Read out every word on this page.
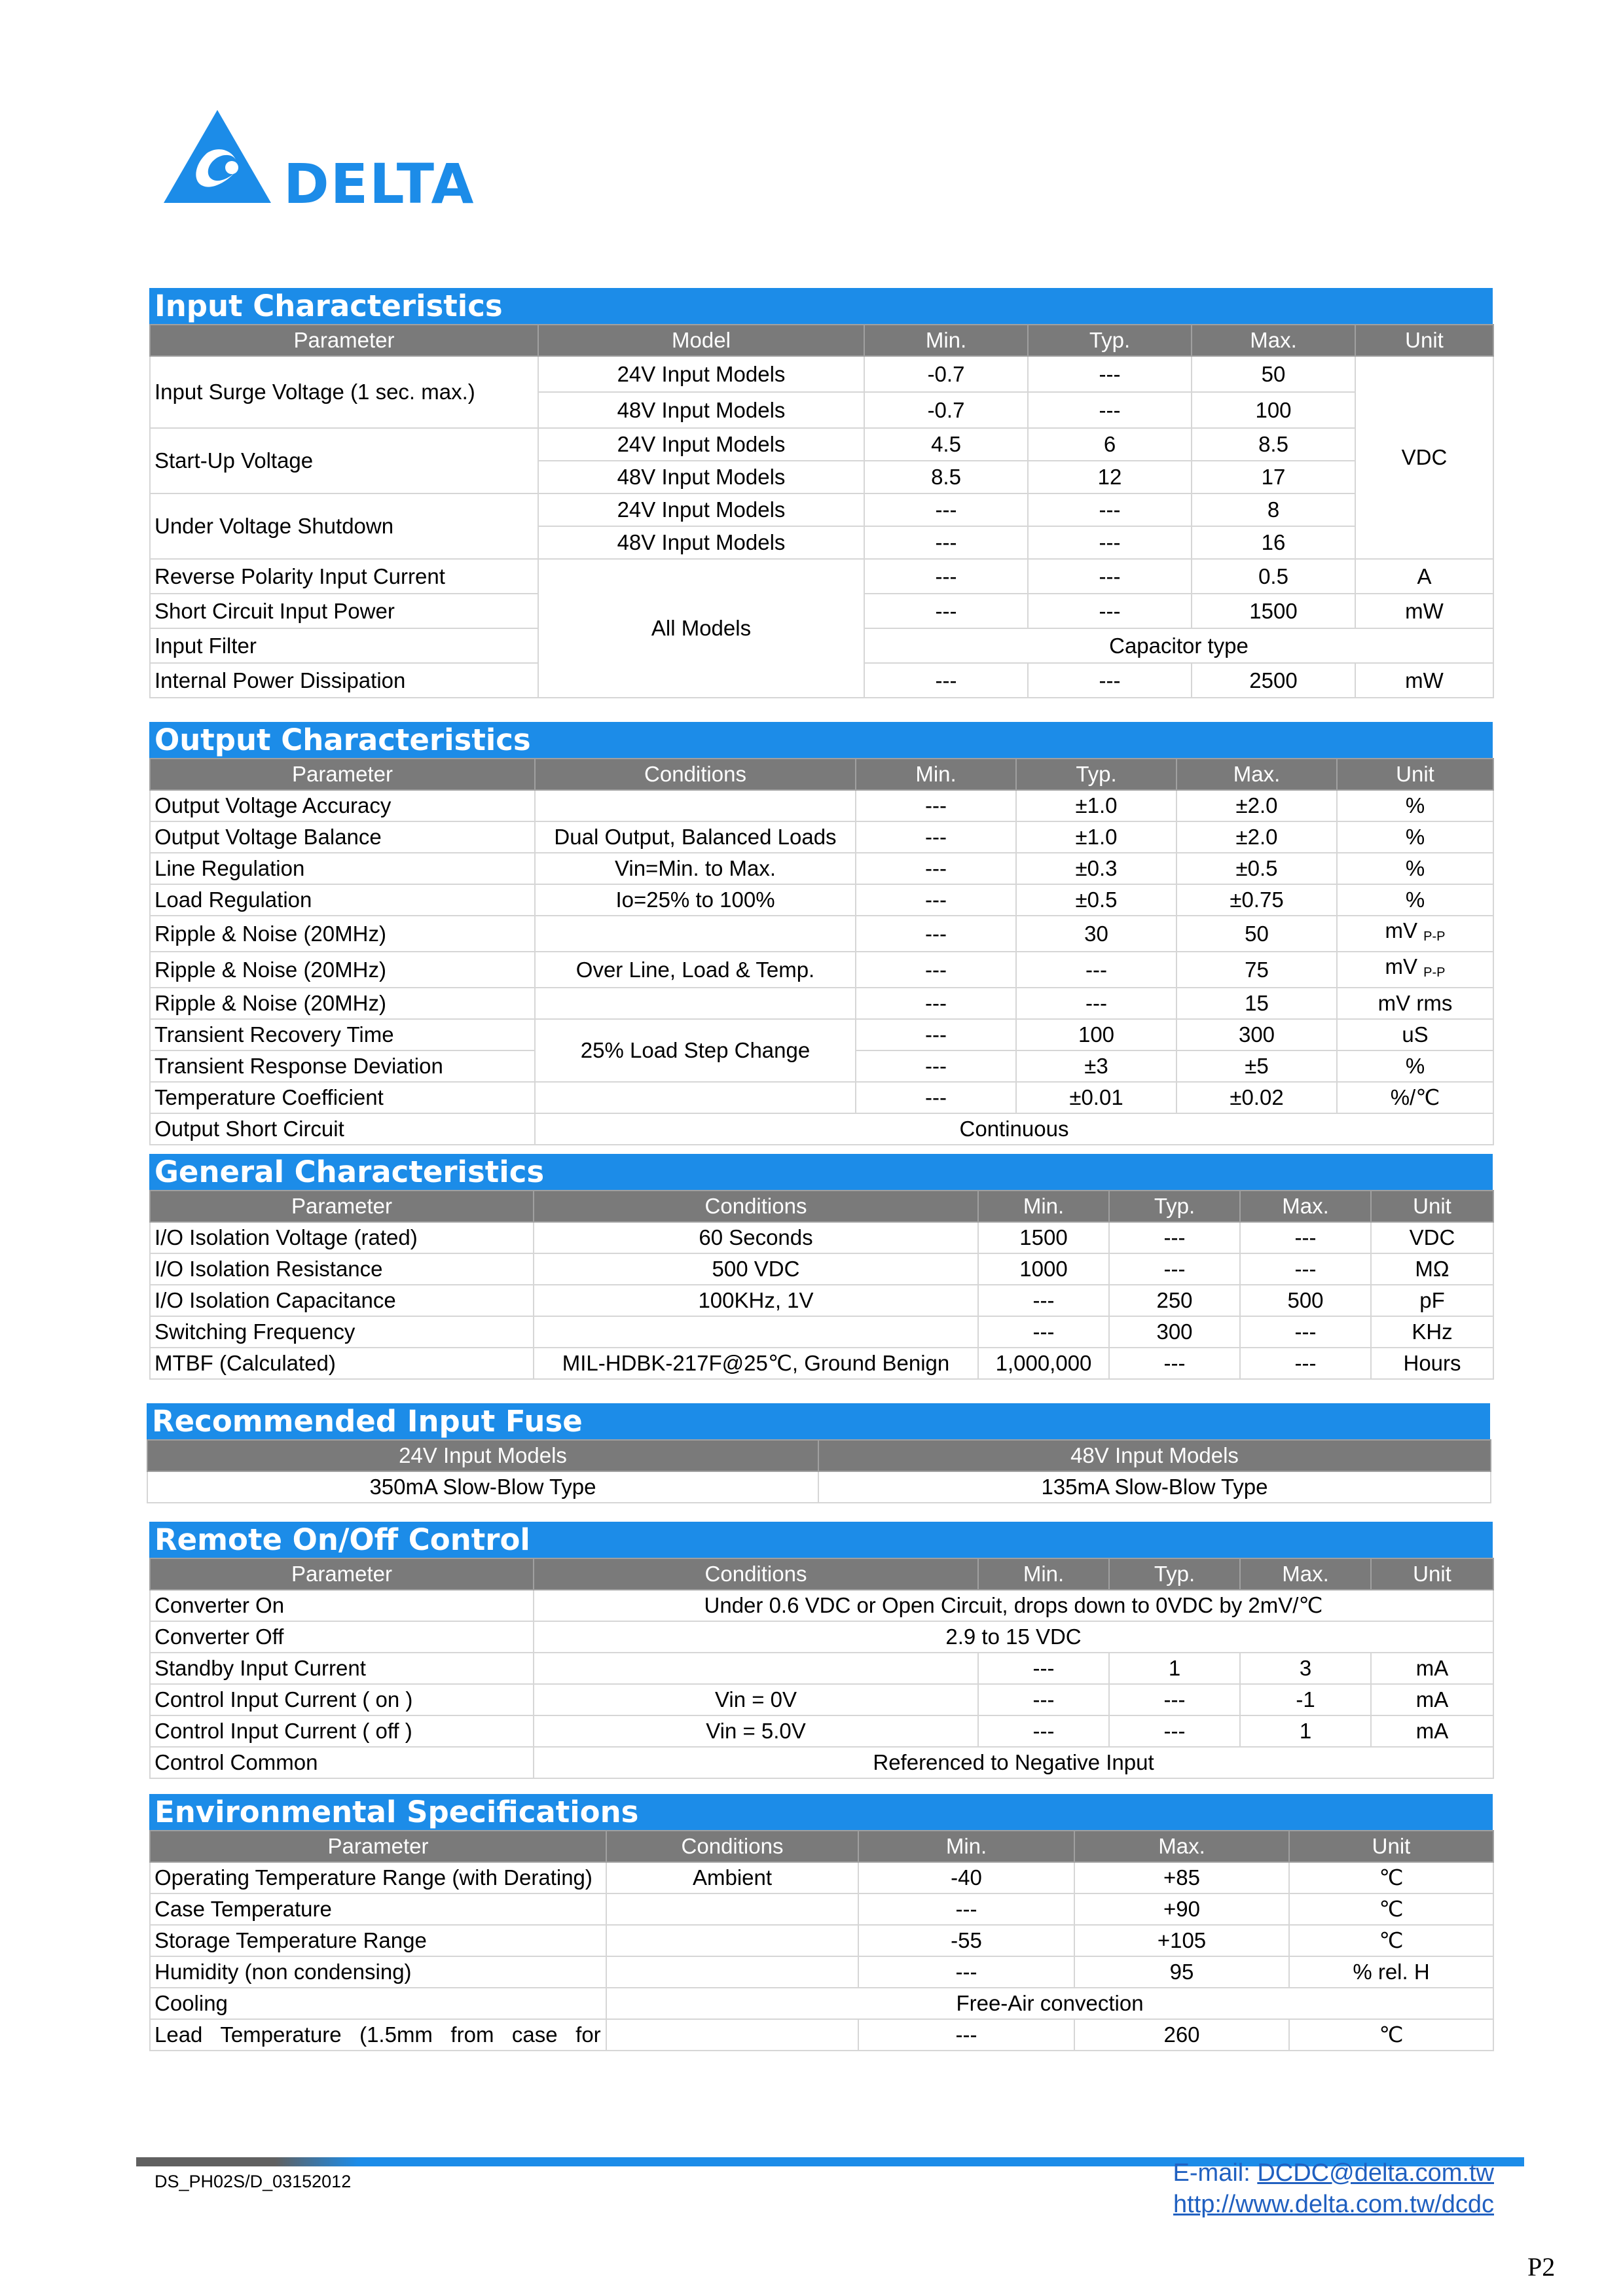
DELTA
Input Characteristics
Parameter	Model	Min.	Typ.	Max.	Unit
Input Surge Voltage (1 sec. max.)	24V Input Models	-0.7	---	50	VDC
	48V Input Models	-0.7	---	100	
Start-Up Voltage	24V Input Models	4.5	6	8.5	
	48V Input Models	8.5	12	17	
Under Voltage Shutdown	24V Input Models	---	---	8	
	48V Input Models	---	---	16	
Reverse Polarity Input Current	All Models	---	---	0.5	A
Short Circuit Input Power		---	---	1500	mW
Input Filter		Capacitor type			
Internal Power Dissipation		---	---	2500	mW
Output Characteristics
Parameter	Conditions	Min.	Typ.	Max.	Unit
Output Voltage Accuracy		---	±1.0	±2.0	%
Output Voltage Balance	Dual Output, Balanced Loads	---	±1.0	±2.0	%
Line Regulation	Vin=Min. to Max.	---	±0.3	±0.5	%
Load Regulation	Io=25% to 100%	---	±0.5	±0.75	%
Ripple & Noise (20MHz)		---	30	50	mV $_{P-P}$
Ripple & Noise (20MHz)	Over Line, Load & Temp.	---	---	75	mV $_{P-P}$
Ripple & Noise (20MHz)		---	---	15	mV rms
Transient Recovery Time	25% Load Step Change	---	100	300	uS
Transient Response Deviation		---	±3	±5	%
Temperature Coefficient		---	±0.01	±0.02	%/℃
Output Short Circuit	Continuous				
General Characteristics
Parameter	Conditions	Min.	Typ.	Max.	Unit
I/O Isolation Voltage (rated)	60 Seconds	1500	---	---	VDC
I/O Isolation Resistance	500 VDC	1000	---	---	MΩ
I/O Isolation Capacitance	100KHz, 1V	---	250	500	pF
Switching Frequency		---	300	---	KHz
MTBF (Calculated)	MIL-HDBK-217F@25℃, Ground Benign	1,000,000	---	---	Hours
Recommended Input Fuse
24V Input Models	48V Input Models
350mA Slow-Blow Type	135mA Slow-Blow Type
Remote On/Off Control
Parameter	Conditions	Min.	Typ.	Max.	Unit
Converter On	Under 0.6 VDC or Open Circuit, drops down to 0VDC by 2mV/℃				
Converter Off	2.9 to 15 VDC				
Standby Input Current		---	1	3	mA
Control Input Current ( on )	Vin = 0V	---	---	-1	mA
Control Input Current ( off )	Vin = 5.0V	---	---	1	mA
Control Common	Referenced to Negative Input				
Environmental Specifications
Parameter	Conditions	Min.	Max.	Unit
Operating Temperature Range (with Derating)	Ambient	-40	+85	℃
Case Temperature		---	+90	℃
Storage Temperature Range		-55	+105	℃
Humidity (non condensing)		---	95	% rel. H
Cooling	Free-Air convection			
Lead   Temperature   (1.5mm   from   case   for		---	260	℃
DS_PH02S/D_03152012	E-mail: DCDC@delta.com.tw
http://www.delta.com.tw/dcdc
P2
